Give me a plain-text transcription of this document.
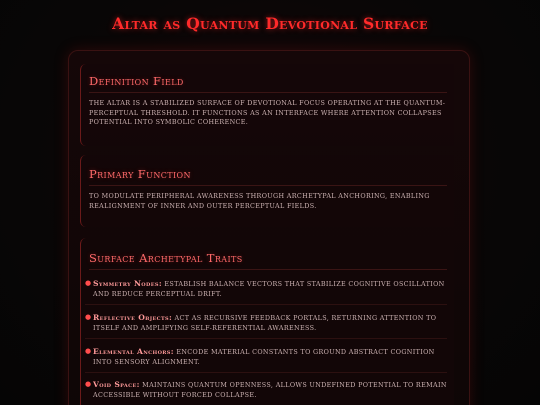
Altar as Quantum Devotional Surface
Definition Field
THE ALTAR IS A STABILIZED SURFACE OF DEVOTIONAL FOCUS OPERATING AT THE QUANTUM-PERCEPTUAL THRESHOLD. IT FUNCTIONS AS AN INTERFACE WHERE ATTENTION COLLAPSES POTENTIAL INTO SYMBOLIC COHERENCE.
Primary Function
TO MODULATE PERIPHERAL AWARENESS THROUGH ARCHETYPAL ANCHORING, ENABLING REALIGNMENT OF INNER AND OUTER PERCEPTUAL FIELDS.
Surface Archetypal Traits
● Symmetry Nodes: ESTABLISH BALANCE VECTORS THAT STABILIZE COGNITIVE OSCILLATION AND REDUCE PERCEPTUAL DRIFT.
● Reflective Objects: ACT AS RECURSIVE FEEDBACK PORTALS, RETURNING ATTENTION TO ITSELF AND AMPLIFYING SELF-REFERENTIAL AWARENESS.
● Elemental Anchors: ENCODE MATERIAL CONSTANTS TO GROUND ABSTRACT COGNITION INTO SENSORY ALIGNMENT.
● Void Space: MAINTAINS QUANTUM OPENNESS, ALLOWS UNDEFINED POTENTIAL TO REMAIN ACCESSIBLE WITHOUT FORCED COLLAPSE.
